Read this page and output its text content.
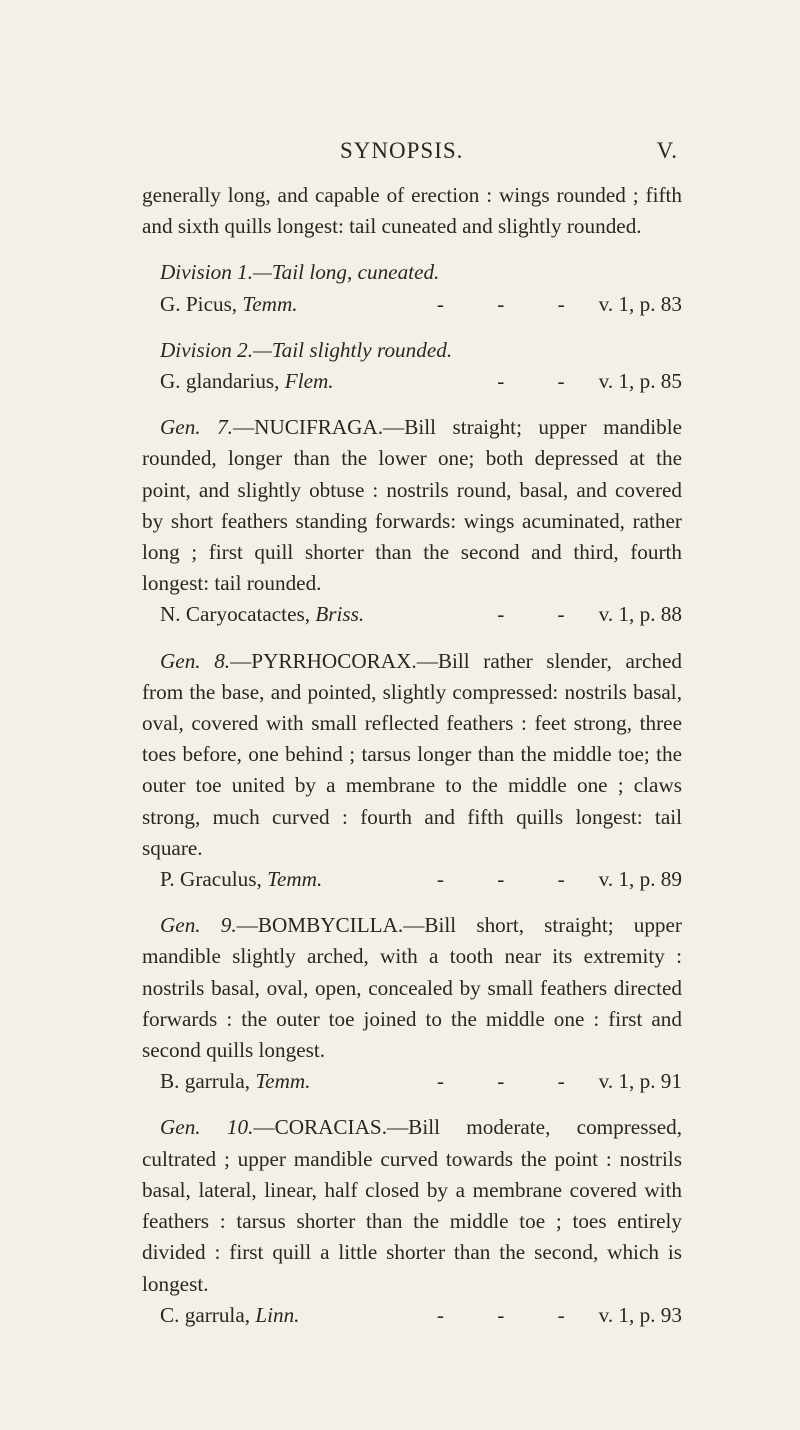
SYNOPSIS.	V.

generally long, and capable of erection : wings rounded ; fifth and sixth quills longest: tail cuneated and slightly rounded.

Division 1.—Tail long, cuneated.
G. Picus, Temm.	- - - v. 1, p. 83
Division 2.—Tail slightly rounded.
G. glandarius, Flem.	- - v. 1, p. 85

Gen. 7.—NUCIFRAGA.—Bill straight; upper mandible rounded, longer than the lower one; both depressed at the point, and slightly obtuse : nostrils round, basal, and covered by short feathers standing forwards: wings acuminated, rather long ; first quill shorter than the second and third, fourth longest: tail rounded.

N. Caryocatactes, Briss.	- - v. 1, p. 88

Gen. 8.—PYRRHOCORAX.—Bill rather slender, arched from the base, and pointed, slightly compressed: nostrils basal, oval, covered with small reflected feathers : feet strong, three toes before, one behind ; tarsus longer than the middle toe; the outer toe united by a membrane to the middle one ; claws strong, much curved : fourth and fifth quills longest: tail square.

P. Graculus, Temm.	- - - v. 1, p. 89

Gen. 9.—BOMBYCILLA.—Bill short, straight; upper mandible slightly arched, with a tooth near its extremity : nostrils basal, oval, open, concealed by small feathers directed forwards : the outer toe joined to the middle one : first and second quills longest.

B. garrula, Temm.	- - - v. 1, p. 91

Gen. 10.—CORACIAS.—Bill moderate, compressed, cultrated ; upper mandible curved towards the point : nostrils basal, lateral, linear, half closed by a membrane covered with feathers : tarsus shorter than the middle toe ; toes entirely divided : first quill a little shorter than the second, which is longest.

C. garrula, Linn.	- - - v. 1, p. 93
